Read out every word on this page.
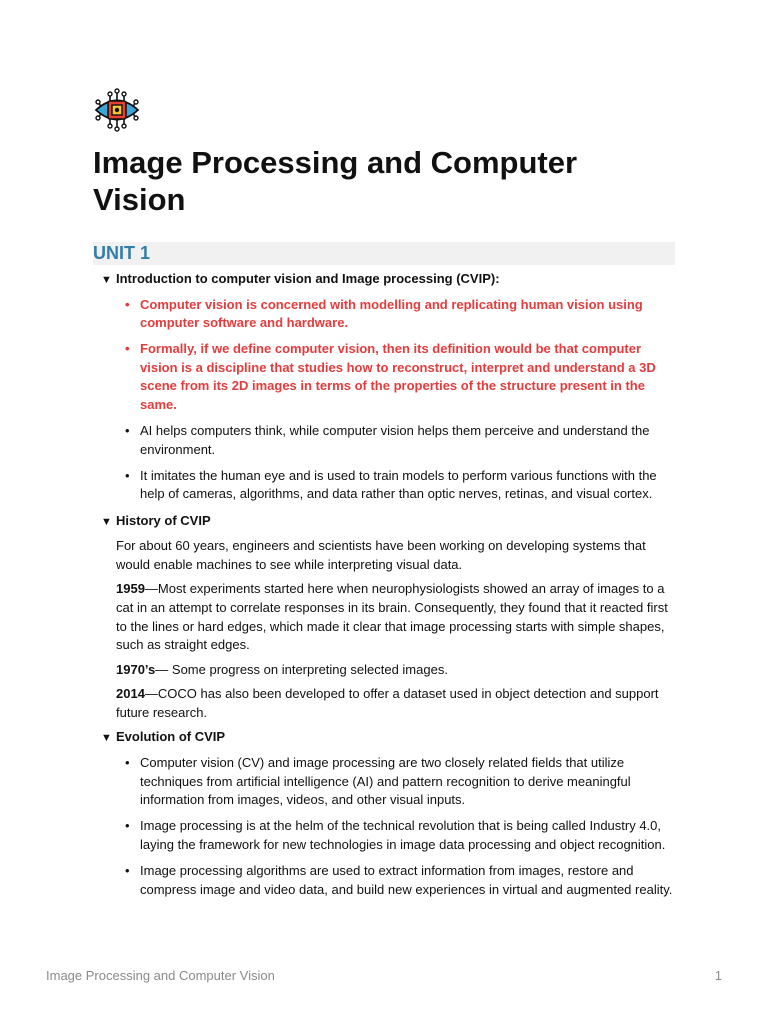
Image Processing and Computer Vision
UNIT 1
▼ Introduction to computer vision and Image processing (CVIP):
• Computer vision is concerned with modelling and replicating human vision using computer software and hardware.
• Formally, if we define computer vision, then its definition would be that computer vision is a discipline that studies how to reconstruct, interpret and understand a 3D scene from its 2D images in terms of the properties of the structure present in the same.
• AI helps computers think, while computer vision helps them perceive and understand the environment.
• It imitates the human eye and is used to train models to perform various functions with the help of cameras, algorithms, and data rather than optic nerves, retinas, and visual cortex.
▼ History of CVIP

For about 60 years, engineers and scientists have been working on developing systems that would enable machines to see while interpreting visual data.

1959—Most experiments started here when neurophysiologists showed an array of images to a cat in an attempt to correlate responses in its brain. Consequently, they found that it reacted first to the lines or hard edges, which made it clear that image processing starts with simple shapes, such as straight edges.

1970’s— Some progress on interpreting selected images.

2014—COCO has also been developed to offer a dataset used in object detection and support future research.

▼ Evolution of CVIP
• Computer vision (CV) and image processing are two closely related fields that utilize techniques from artificial intelligence (AI) and pattern recognition to derive meaningful information from images, videos, and other visual inputs.
• Image processing is at the helm of the technical revolution that is being called Industry 4.0, laying the framework for new technologies in image data processing and object recognition.
• Image processing algorithms are used to extract information from images, restore and compress image and video data, and build new experiences in virtual and augmented reality.
Image Processing and Computer Vision	1
